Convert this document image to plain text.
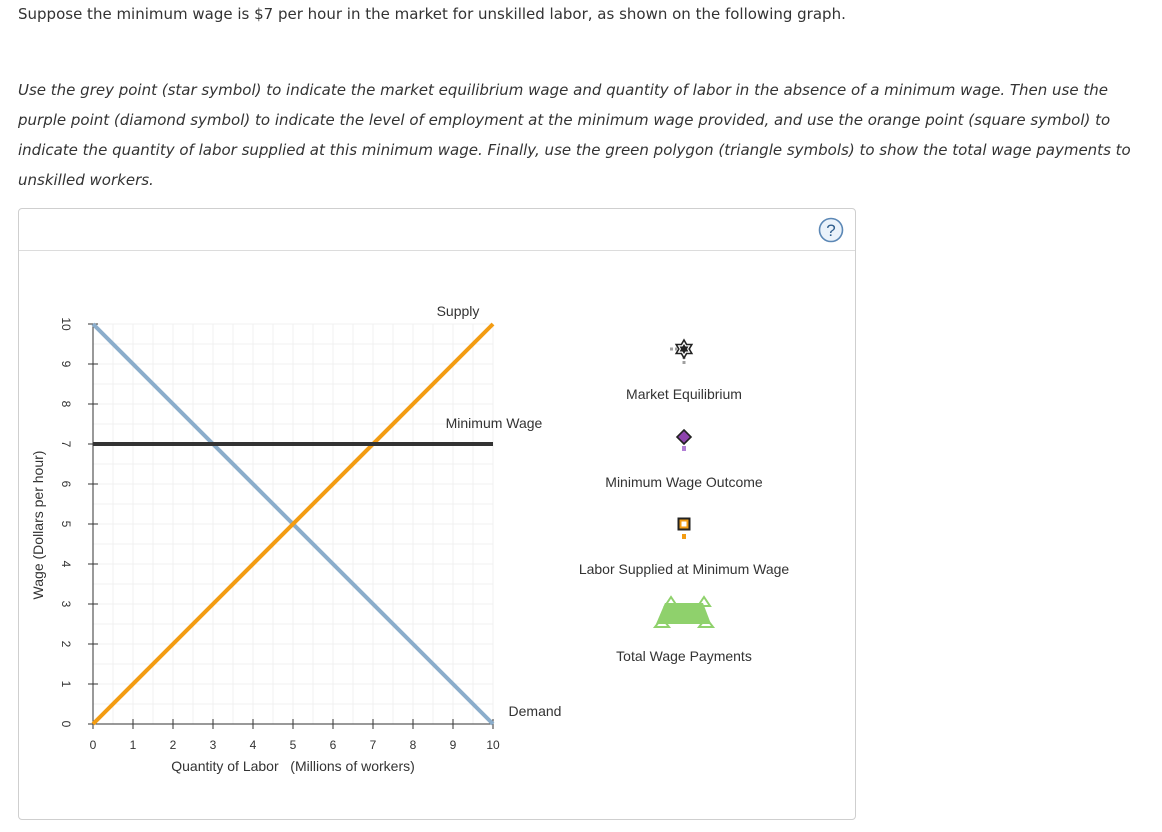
Suppose the minimum wage is $7 per hour in the market for unskilled labor, as shown on the following graph.

Use the grey point (star symbol) to indicate the market equilibrium wage and quantity of labor in the absence of a minimum wage. Then use the purple point (diamond symbol) to indicate the level of employment at the minimum wage provided, and use the orange point (square symbol) to indicate the quantity of labor supplied at this minimum wage. Finally, use the green polygon (triangle symbols) to show the total wage payments to unskilled workers.

?
0	1	2	3	4	5	6	7	8	9 10
0
1
2
3
4
5
6
7
8
9
10
Demand
Supply
Minimum Wage
Quantity of Labor   (Millions of workers)
Wage (Dollars per hour)
Market Equilibrium
Minimum Wage Outcome
Labor Supplied at Minimum Wage
Total Wage Payments
